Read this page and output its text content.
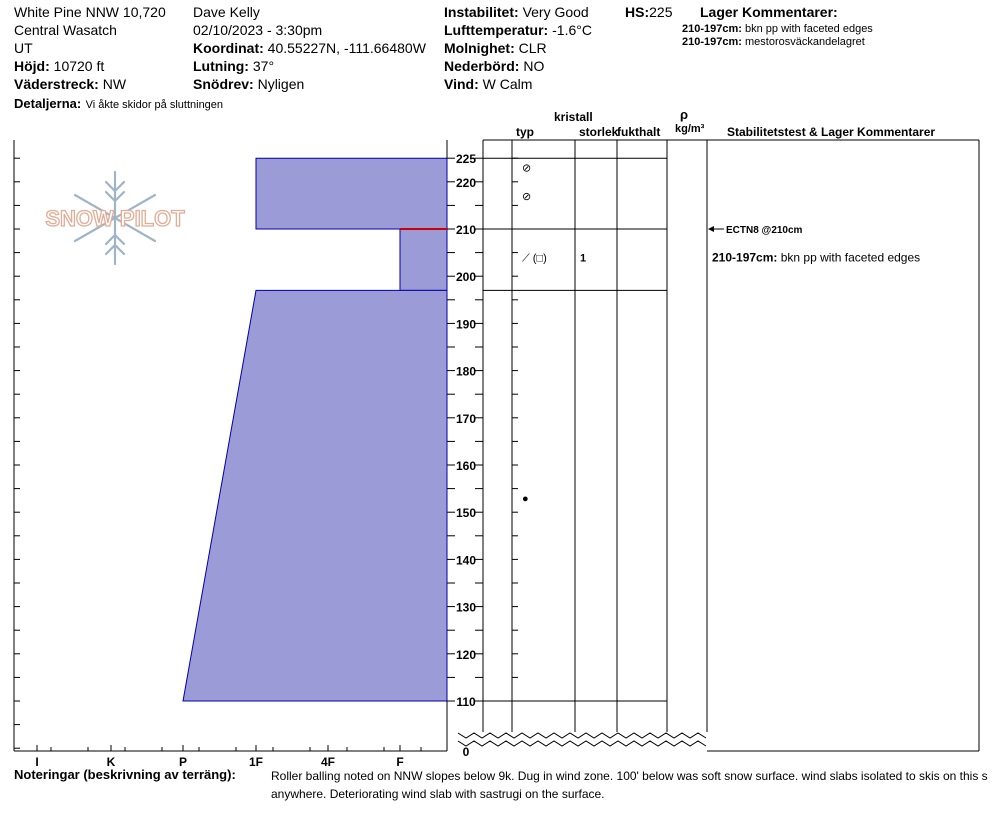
White Pine NNW 10,720
Central Wasatch
UT
Höjd: 10720 ft
Väderstreck: NW
Detaljerna: Vi åkte skidor på sluttningen
Dave Kelly
02/10/2023 - 3:30pm
Koordinat: 40.55227N, -111.66480W
Lutning: 37°
Snödrev: Nyligen
Instabilitet: Very Good
Lufttemperatur: -1.6°C
Molnighet: CLR
Nederbörd: NO
Vind: W Calm
HS:225 Lager Kommentarer:
210-197cm: bkn pp with faceted edges
210-197cm: mestorosväckandelagret
kristall
typ	storlek
fukthalt
ρ
kg/m³ Stabilitetstest & Lager Kommentarer
SNOW PILOT
I	K	P	1F	4F	F
110
120
130
140
150
160
170
180
190
200
210
220
225
0
⊘
⊘
⟋ (□)	1
●
ECTN8 @210cm
210-197cm: bkn pp with faceted edges
Roller balling noted on NNW slopes below 9k. Dug in wind zone. 100' below was soft snow surface. wind slabs isolated to skis on this s
Noteringar (beskrivning av terräng):
anywhere. Deteriorating wind slab with sastrugi on the surface.
